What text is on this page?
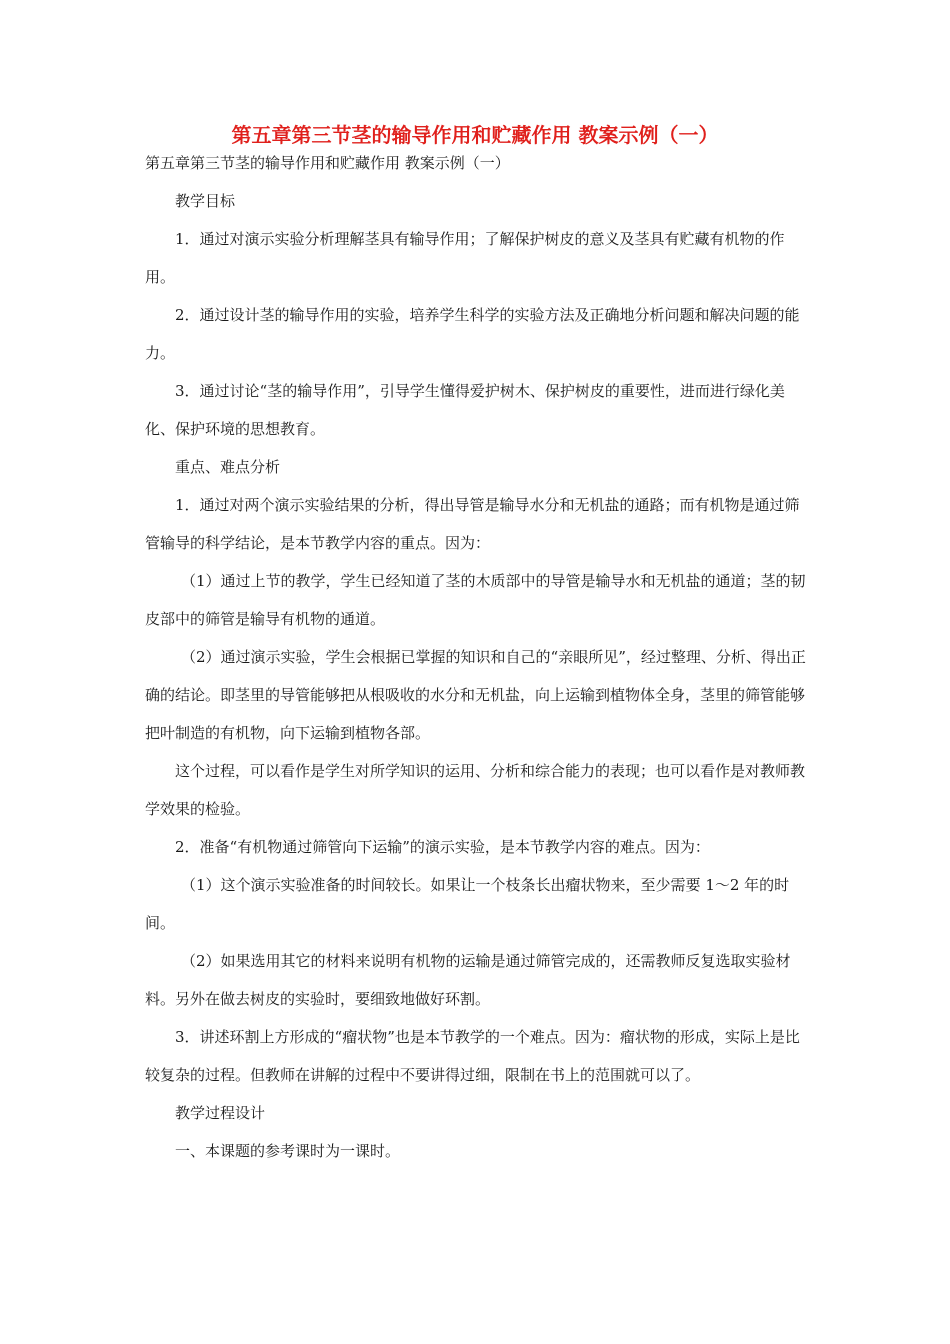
第五章第三节茎的输导作用和贮藏作用 教案示例（一）

第五章第三节茎的输导作用和贮藏作用 教案示例（一）

教学目标

1．通过对演示实验分析理解茎具有输导作用；了解保护树皮的意义及茎具有贮藏有机物的作用。

2．通过设计茎的输导作用的实验，培养学生科学的实验方法及正确地分析问题和解决问题的能力。

3．通过讨论“茎的输导作用”，引导学生懂得爱护树木、保护树皮的重要性，进而进行绿化美化、保护环境的思想教育。

重点、难点分析

1．通过对两个演示实验结果的分析，得出导管是输导水分和无机盐的通路；而有机物是通过筛管输导的科学结论，是本节教学内容的重点。因为：

（1）通过上节的教学，学生已经知道了茎的木质部中的导管是输导水和无机盐的通道；茎的韧皮部中的筛管是输导有机物的通道。

（2）通过演示实验，学生会根据已掌握的知识和自己的“亲眼所见”，经过整理、分析、得出正确的结论。即茎里的导管能够把从根吸收的水分和无机盐，向上运输到植物体全身，茎里的筛管能够把叶制造的有机物，向下运输到植物各部。

这个过程，可以看作是学生对所学知识的运用、分析和综合能力的表现；也可以看作是对教师教学效果的检验。

2．准备“有机物通过筛管向下运输”的演示实验，是本节教学内容的难点。因为：

（1）这个演示实验准备的时间较长。如果让一个枝条长出瘤状物来，至少需要 1～2 年的时间。

（2）如果选用其它的材料来说明有机物的运输是通过筛管完成的，还需教师反复选取实验材料。另外在做去树皮的实验时，要细致地做好环割。

3．讲述环割上方形成的“瘤状物”也是本节教学的一个难点。因为：瘤状物的形成，实际上是比较复杂的过程。但教师在讲解的过程中不要讲得过细，限制在书上的范围就可以了。

教学过程设计

一、本课题的参考课时为一课时。
